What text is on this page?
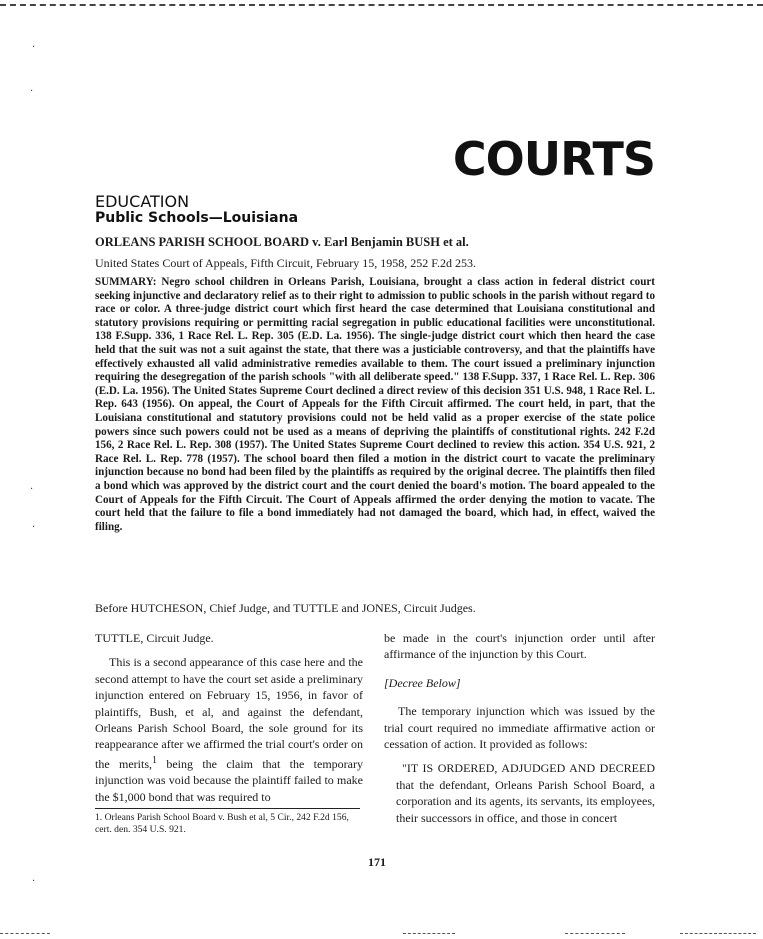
·
·
·
·
·
COURTS
EDUCATION
Public Schools—Louisiana
ORLEANS PARISH SCHOOL BOARD v. Earl Benjamin BUSH et al.
United States Court of Appeals, Fifth Circuit, February 15, 1958, 252 F.2d 253.
SUMMARY: Negro school children in Orleans Parish, Louisiana, brought a class action in federal district court seeking injunctive and declaratory relief as to their right to admission to public schools in the parish without regard to race or color. A three-judge district court which first heard the case determined that Louisiana constitutional and statutory provisions requiring or permitting racial segregation in public educational facilities were unconstitutional. 138 F.Supp. 336, 1 Race Rel. L. Rep. 305 (E.D. La. 1956). The single-judge district court which then heard the case held that the suit was not a suit against the state, that there was a justiciable controversy, and that the plaintiffs have effectively exhausted all valid administrative remedies available to them. The court issued a preliminary injunction requiring the desegregation of the parish schools "with all deliberate speed." 138 F.Supp. 337, 1 Race Rel. L. Rep. 306 (E.D. La. 1956). The United States Supreme Court declined a direct review of this decision 351 U.S. 948, 1 Race Rel. L. Rep. 643 (1956). On appeal, the Court of Appeals for the Fifth Circuit affirmed. The court held, in part, that the Louisiana constitutional and statutory provisions could not be held valid as a proper exercise of the state police powers since such powers could not be used as a means of depriving the plaintiffs of constitutional rights. 242 F.2d 156, 2 Race Rel. L. Rep. 308 (1957). The United States Supreme Court declined to review this action. 354 U.S. 921, 2 Race Rel. L. Rep. 778 (1957). The school board then filed a motion in the district court to vacate the preliminary injunction because no bond had been filed by the plaintiffs as required by the original decree. The plaintiffs then filed a bond which was approved by the district court and the court denied the board's motion. The board appealed to the Court of Appeals for the Fifth Circuit. The Court of Appeals affirmed the order denying the motion to vacate. The court held that the failure to file a bond immediately had not damaged the board, which had, in effect, waived the filing.
Before HUTCHESON, Chief Judge, and TUTTLE and JONES, Circuit Judges.

TUTTLE, Circuit Judge.

This is a second appearance of this case here and the second attempt to have the court set aside a preliminary injunction entered on February 15, 1956, in favor of plaintiffs, Bush, et al, and against the defendant, Orleans Parish School Board, the sole ground for its reappearance after we affirmed the trial court's order on the merits,$^1$ being the claim that the temporary injunction was void because the plaintiff failed to make the $1,000 bond that was required to

1. Orleans Parish School Board v. Bush et al, 5 Cir., 242 F.2d 156, cert. den. 354 U.S. 921.

be made in the court's injunction order until after affirmance of the injunction by this Court.

[Decree Below]

The temporary injunction which was issued by the trial court required no immediate affirmative action or cessation of action. It provided as follows:

"IT IS ORDERED, ADJUDGED AND DECREED that the defendant, Orleans Parish School Board, a corporation and its agents, its servants, its employees, their successors in office, and those in concert

171
